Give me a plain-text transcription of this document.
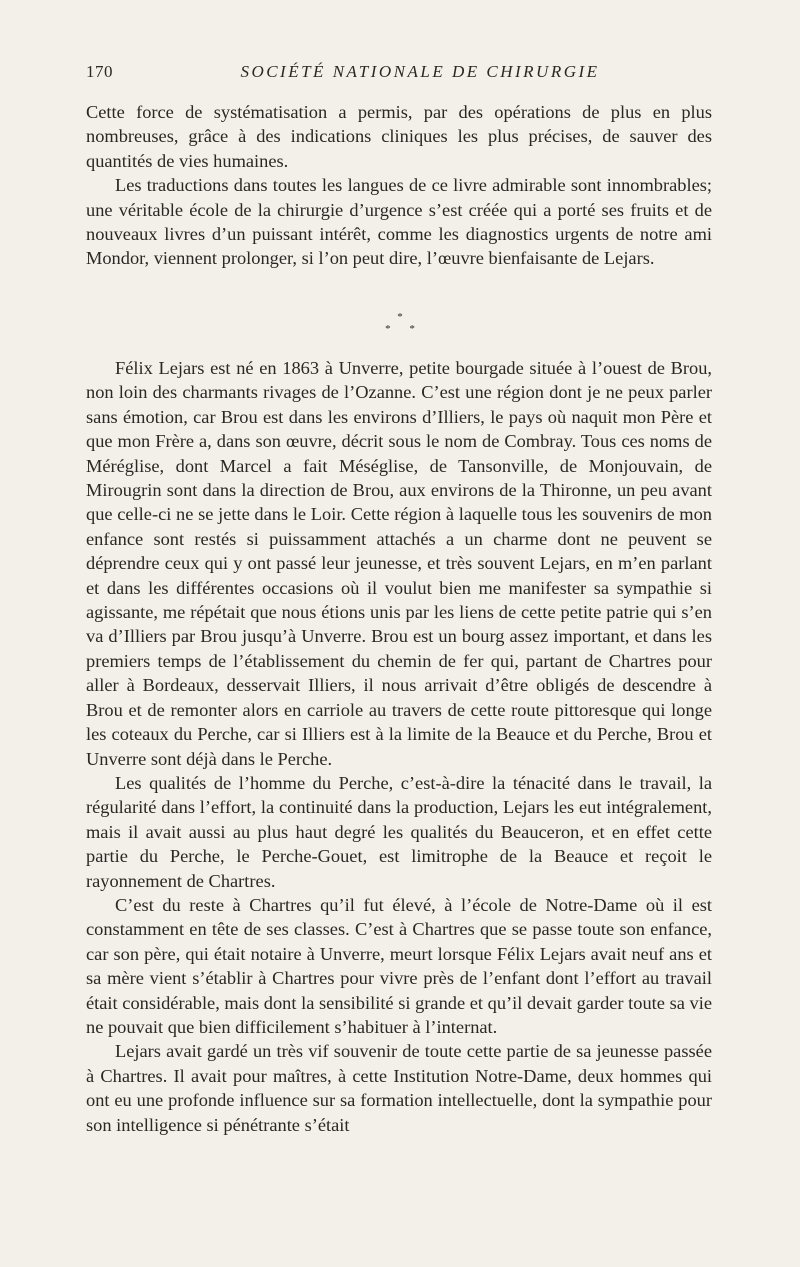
170	SOCIÉTÉ NATIONALE DE CHIRURGIE

Cette force de systématisation a permis, par des opérations de plus en plus nombreuses, grâce à des indications cliniques les plus précises, de sauver des quantités de vies humaines.

Les traductions dans toutes les langues de ce livre admirable sont innombrables; une véritable école de la chirurgie d’urgence s’est créée qui a porté ses fruits et de nouveaux livres d’un puissant intérêt, comme les diagnostics urgents de notre ami Mondor, viennent prolonger, si l’on peut dire, l’œuvre bienfaisante de Lejars.

*
* *

Félix Lejars est né en 1863 à Unverre, petite bourgade située à l’ouest de Brou, non loin des charmants rivages de l’Ozanne. C’est une région dont je ne peux parler sans émotion, car Brou est dans les environs d’Illiers, le pays où naquit mon Père et que mon Frère a, dans son œuvre, décrit sous le nom de Combray. Tous ces noms de Méréglise, dont Marcel a fait Méséglise, de Tansonville, de Monjouvain, de Mirougrin sont dans la direction de Brou, aux environs de la Thironne, un peu avant que celle-ci ne se jette dans le Loir. Cette région à laquelle tous les souvenirs de mon enfance sont restés si puissamment attachés a un charme dont ne peuvent se déprendre ceux qui y ont passé leur jeunesse, et très souvent Lejars, en m’en parlant et dans les différentes occasions où il voulut bien me manifester sa sympathie si agissante, me répétait que nous étions unis par les liens de cette petite patrie qui s’en va d’Illiers par Brou jusqu’à Unverre. Brou est un bourg assez important, et dans les premiers temps de l’établissement du chemin de fer qui, partant de Chartres pour aller à Bordeaux, desservait Illiers, il nous arrivait d’être obligés de descendre à Brou et de remonter alors en carriole au travers de cette route pittoresque qui longe les coteaux du Perche, car si Illiers est à la limite de la Beauce et du Perche, Brou et Unverre sont déjà dans le Perche.

Les qualités de l’homme du Perche, c’est-à-dire la ténacité dans le travail, la régularité dans l’effort, la continuité dans la production, Lejars les eut intégralement, mais il avait aussi au plus haut degré les qualités du Beauceron, et en effet cette partie du Perche, le Perche-Gouet, est limitrophe de la Beauce et reçoit le rayonnement de Chartres.

C’est du reste à Chartres qu’il fut élevé, à l’école de Notre-Dame où il est constamment en tête de ses classes. C’est à Chartres que se passe toute son enfance, car son père, qui était notaire à Unverre, meurt lorsque Félix Lejars avait neuf ans et sa mère vient s’établir à Chartres pour vivre près de l’enfant dont l’effort au travail était considérable, mais dont la sensibilité si grande et qu’il devait garder toute sa vie ne pouvait que bien difficilement s’habituer à l’internat.

Lejars avait gardé un très vif souvenir de toute cette partie de sa jeunesse passée à Chartres. Il avait pour maîtres, à cette Institution Notre-Dame, deux hommes qui ont eu une profonde influence sur sa formation intellectuelle, dont la sympathie pour son intelligence si pénétrante s’était
